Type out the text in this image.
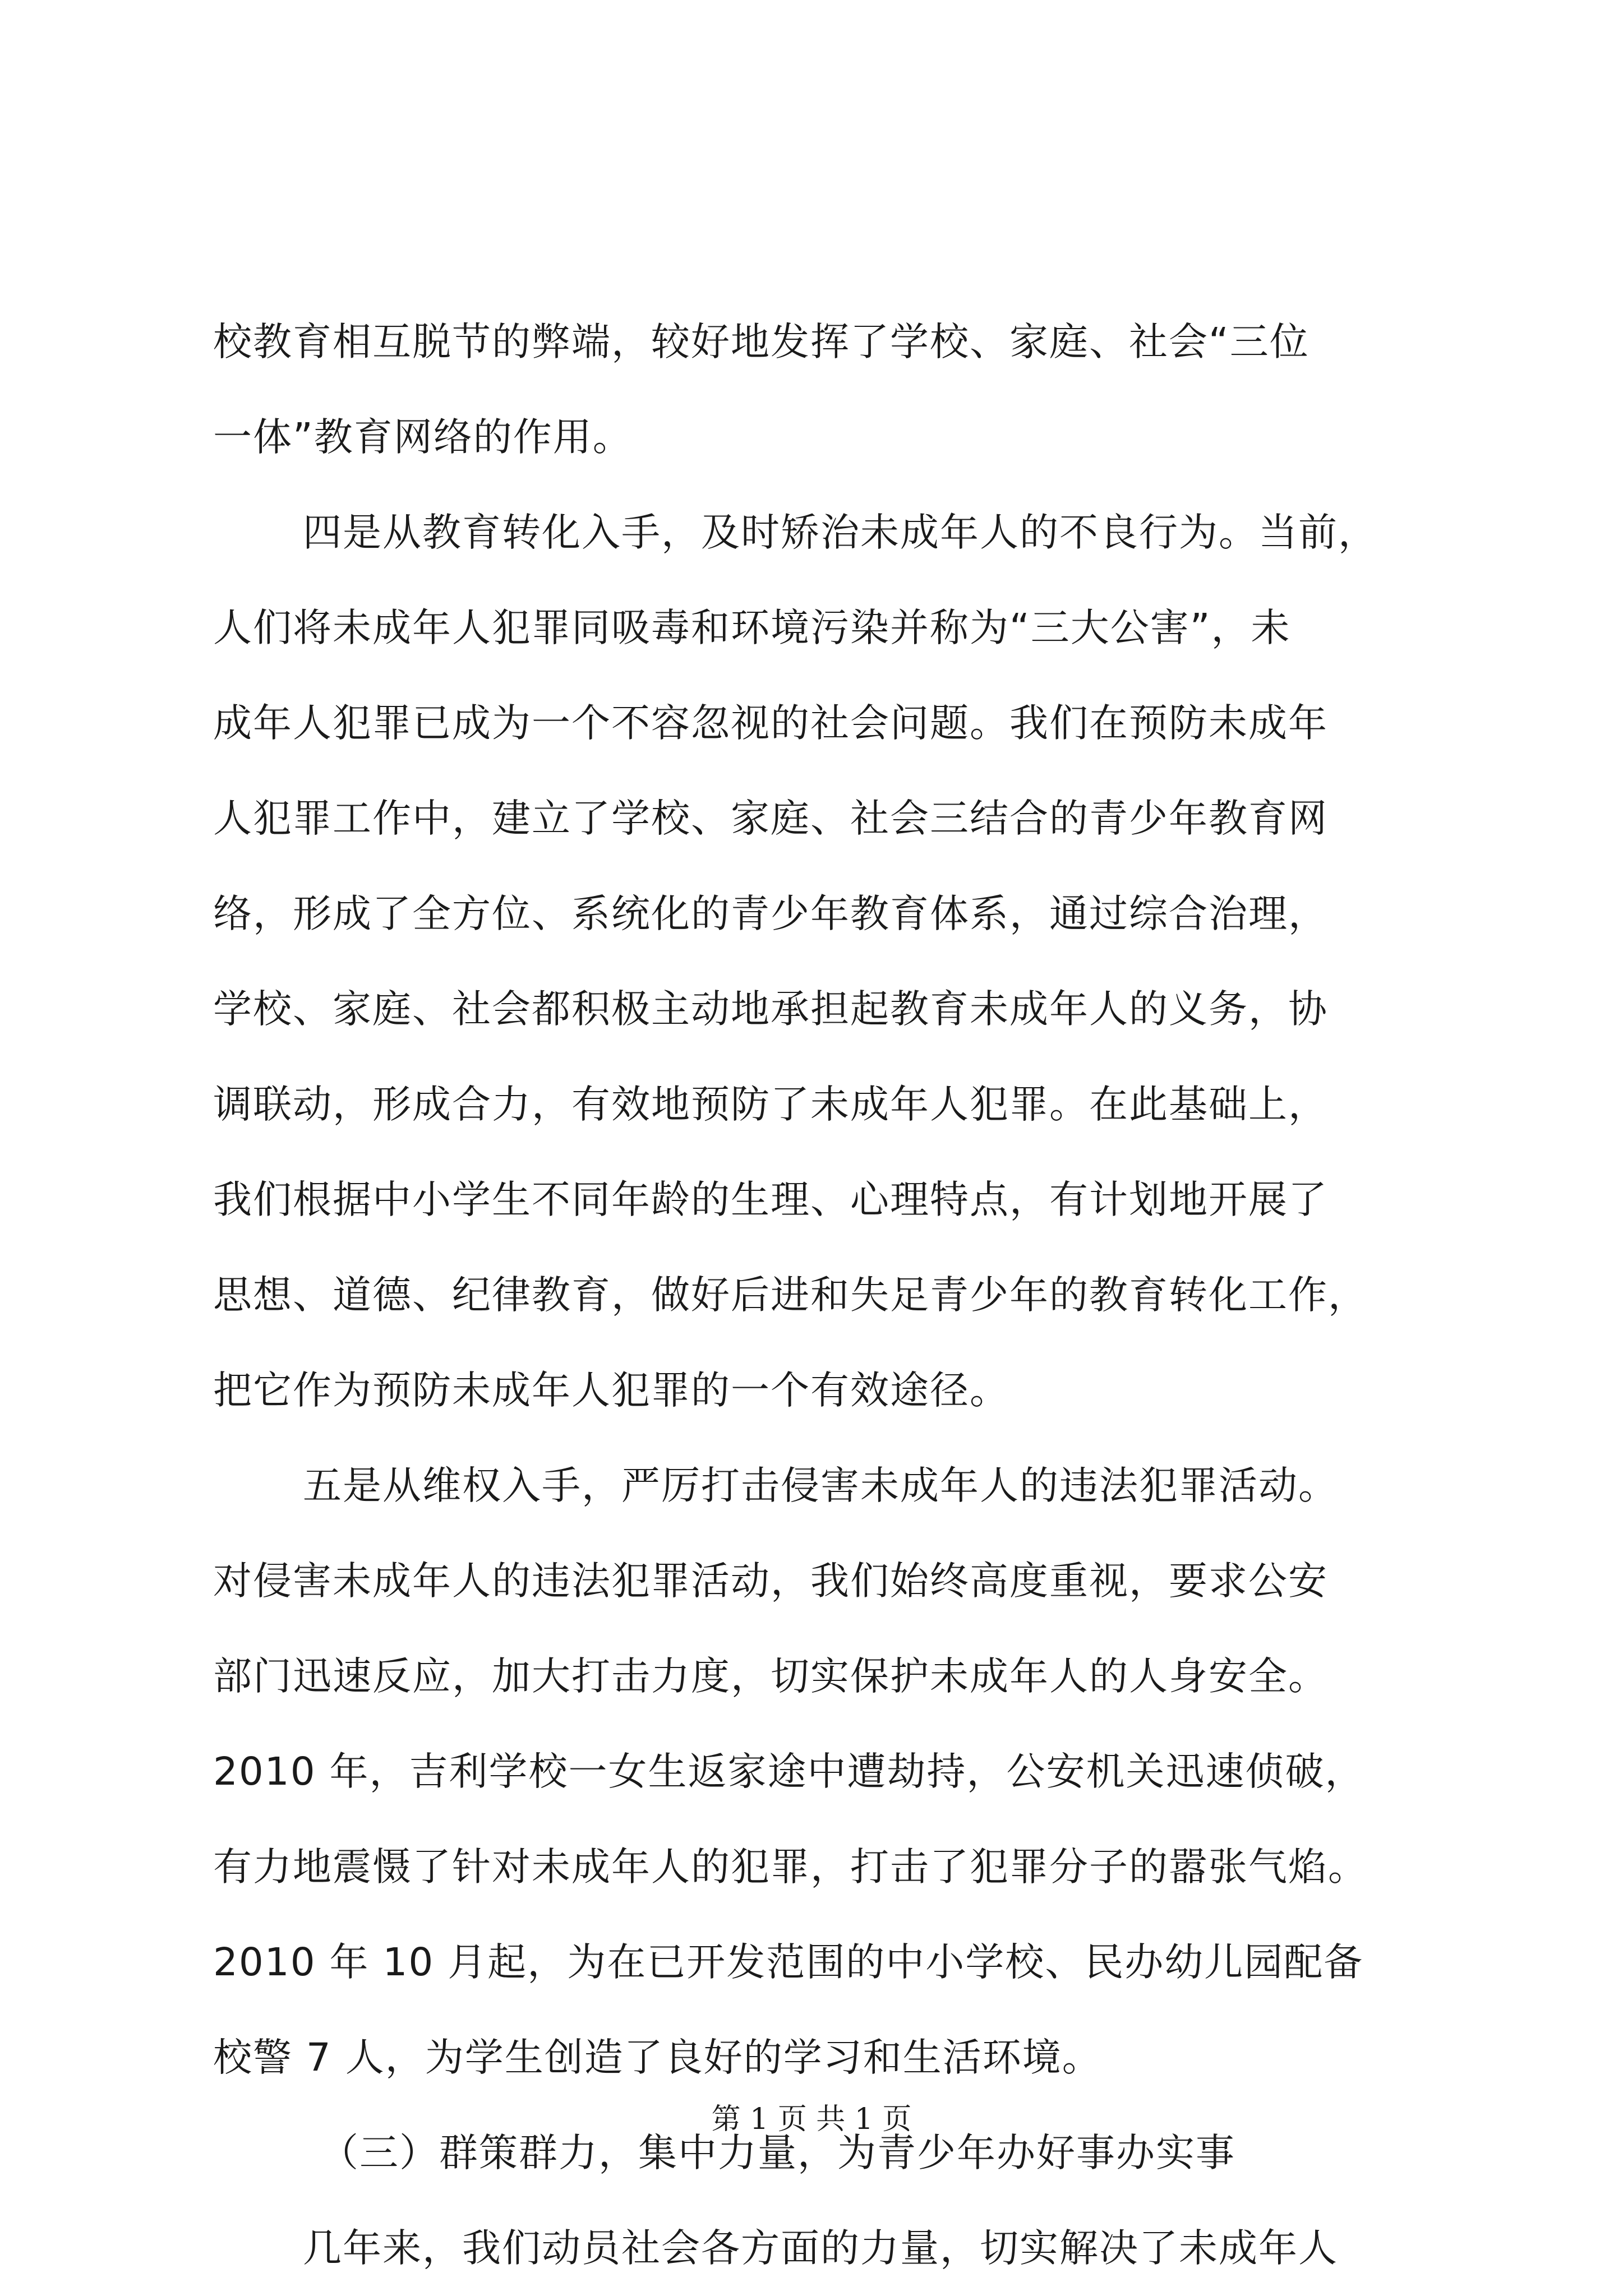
校教育相互脱节的弊端，较好地发挥了学校、家庭、社会“三位
一体”教育网络的作用。
四是从教育转化入手，及时矫治未成年人的不良行为。当前，
人们将未成年人犯罪同吸毒和环境污染并称为“三大公害”，未
成年人犯罪已成为一个不容忽视的社会问题。我们在预防未成年
人犯罪工作中，建立了学校、家庭、社会三结合的青少年教育网
络，形成了全方位、系统化的青少年教育体系，通过综合治理，
学校、家庭、社会都积极主动地承担起教育未成年人的义务，协
调联动，形成合力，有效地预防了未成年人犯罪。在此基础上，
我们根据中小学生不同年龄的生理、心理特点，有计划地开展了
思想、道德、纪律教育，做好后进和失足青少年的教育转化工作，
把它作为预防未成年人犯罪的一个有效途径。
五是从维权入手，严厉打击侵害未成年人的违法犯罪活动。
对侵害未成年人的违法犯罪活动，我们始终高度重视，要求公安
部门迅速反应，加大打击力度，切实保护未成年人的人身安全。
2010 年，吉利学校一女生返家途中遭劫持，公安机关迅速侦破，
有力地震慑了针对未成年人的犯罪，打击了犯罪分子的嚣张气焰。
2010 年 10 月起，为在已开发范围的中小学校、民办幼儿园配备
校警 7 人，为学生创造了良好的学习和生活环境。
（三）群策群力，集中力量，为青少年办好事办实事
几年来，我们动员社会各方面的力量，切实解决了未成年人
第 1 页 共 1 页
